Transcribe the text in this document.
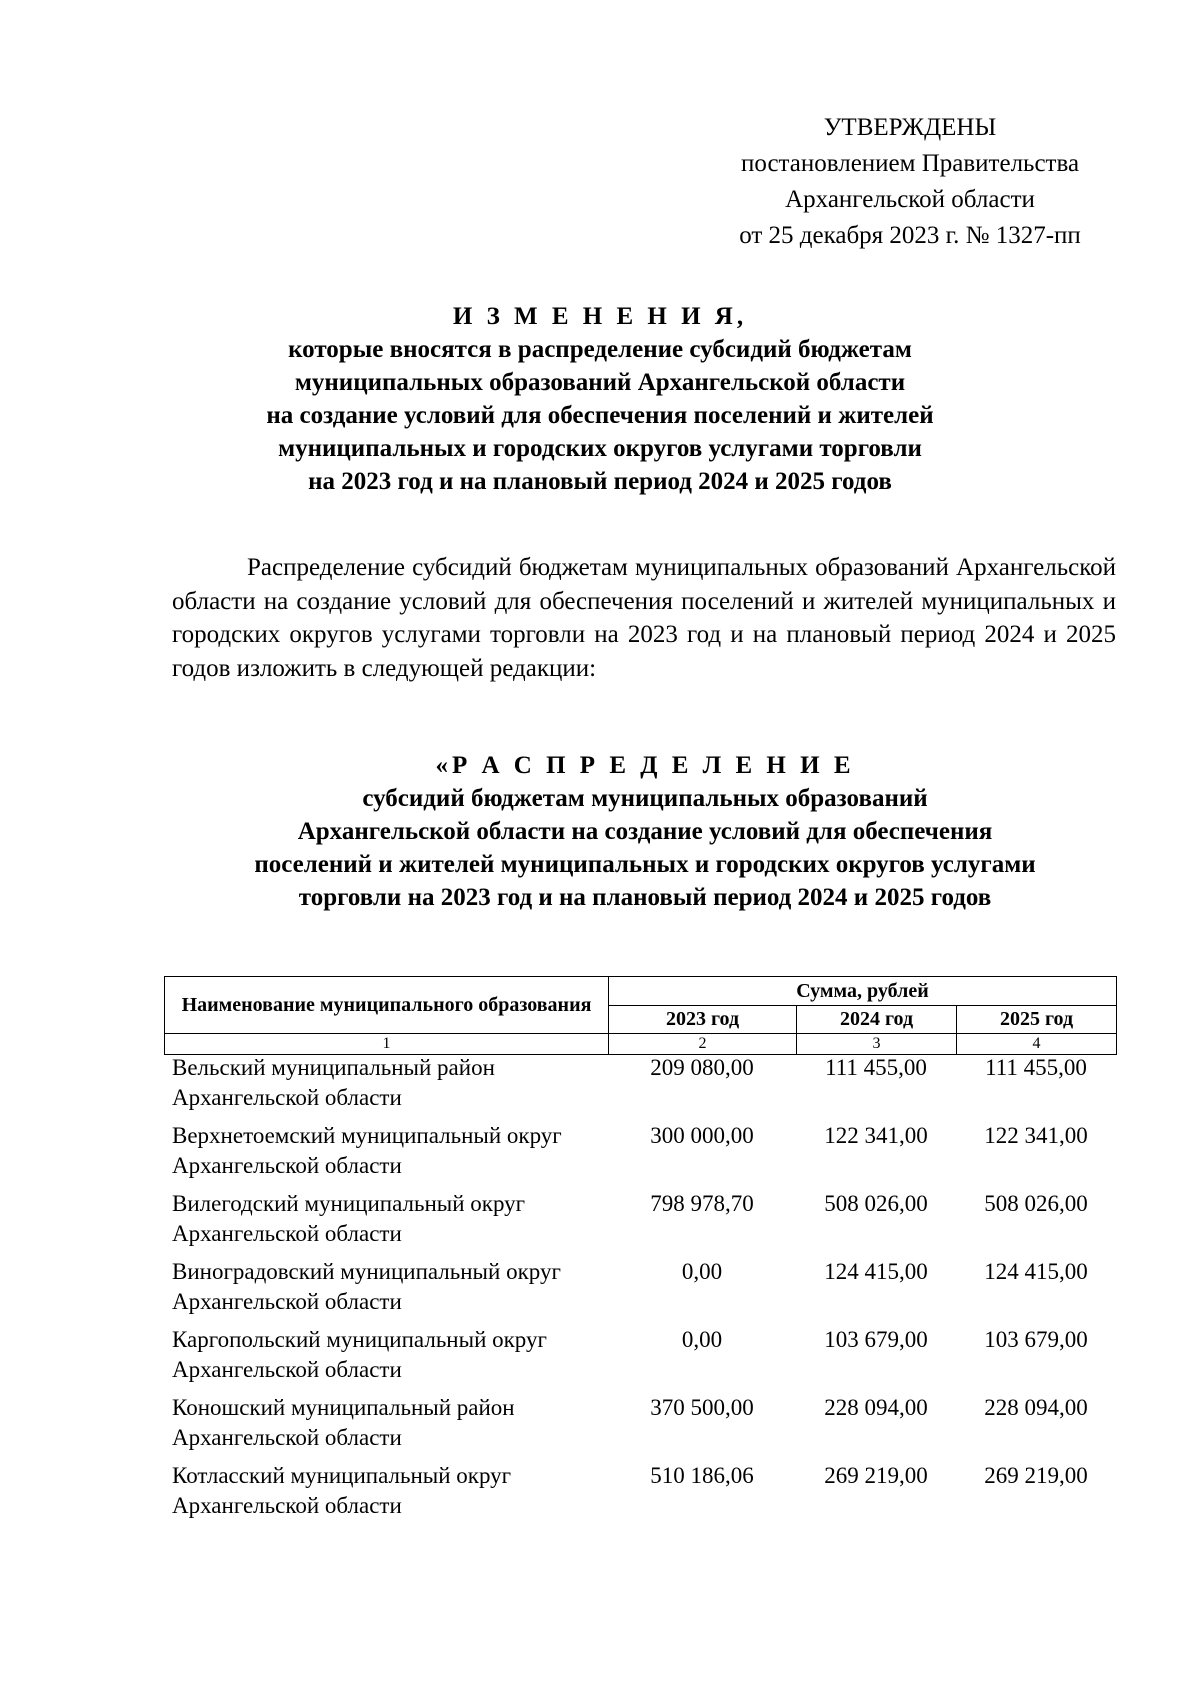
УТВЕРЖДЕНЫ
постановлением Правительства
Архангельской области
от 25 декабря 2023 г. № 1327-пп
И З М Е Н Е Н И Я,
которые вносятся в распределение субсидий бюджетам
муниципальных образований Архангельской области
на создание условий для обеспечения поселений и жителей
муниципальных и городских округов услугами торговли
на 2023 год и на плановый период 2024 и 2025 годов
Распределение субсидий бюджетам муниципальных образований Архангельской области на создание условий для обеспечения поселений и жителей муниципальных и городских округов услугами торговли на 2023 год и на плановый период 2024 и 2025 годов изложить в следующей редакции:
«Р А С П Р Е Д Е Л Е Н И Е
субсидий бюджетам муниципальных образований
Архангельской области на создание условий для обеспечения
поселений и жителей муниципальных и городских округов услугами
торговли на 2023 год и на плановый период 2024 и 2025 годов
Наименование муниципального образования	Сумма, рублей		
	2023 год	2024 год	2025 год
1	2	3	4
Вельский муниципальный район
Архангельской области	209 080,00	111 455,00	111 455,00

Верхнетоемский муниципальный округ
Архангельской области	300 000,00	122 341,00	122 341,00

Вилегодский муниципальный округ
Архангельской области	798 978,70	508 026,00	508 026,00

Виноградовский муниципальный округ
Архангельской области	0,00	124 415,00	124 415,00

Каргопольский муниципальный округ
Архангельской области	0,00	103 679,00	103 679,00

Коношский муниципальный район
Архангельской области	370 500,00	228 094,00	228 094,00

Котласский муниципальный округ
Архангельской области	510 186,06	269 219,00	269 219,00
